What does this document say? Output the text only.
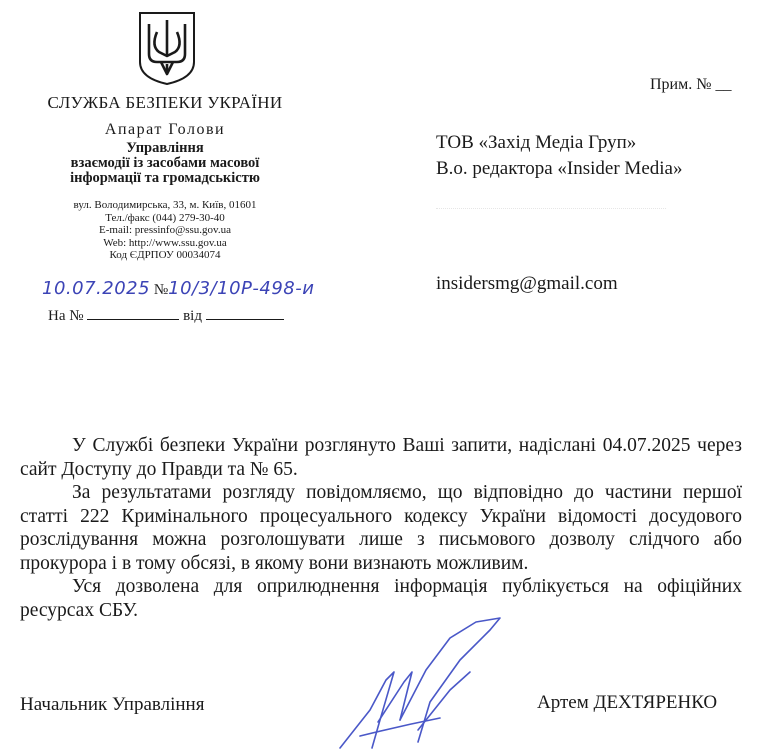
СЛУЖБА БЕЗПЕКИ УКРАЇНИ
Апарат Голови
Управління
взаємодії із засобами масової
інформації та громадськістю
вул. Володимирська, 33, м. Київ, 01601
Тел./факс (044) 279-30-40
E-mail: pressinfo@ssu.gov.ua
Web: http://www.ssu.gov.ua
Код ЄДРПОУ 00034074
10.07.2025 №10/3/10Р-498-и
На №	від
Прим. № __
ТОВ «Захід Медіа Груп»
В.о. редактора «Insider Media»
insidersmg@gmail.com

У Службі безпеки України розглянуто Ваші запити, надіслані 04.07.2025 через сайт Доступу до Правди та № 65.

За результатами розгляду повідомляємо, що відповідно до частини першої статті 222 Кримінального процесуального кодексу України відомості досудового розслідування можна розголошувати лише з письмового дозволу слідчого або прокурора і в тому обсязі, в якому вони визнають можливим.

Уся дозволена для оприлюднення інформація публікується на офіційних ресурсах СБУ.

Начальник Управління	Артем ДЕХТЯРЕНКО
